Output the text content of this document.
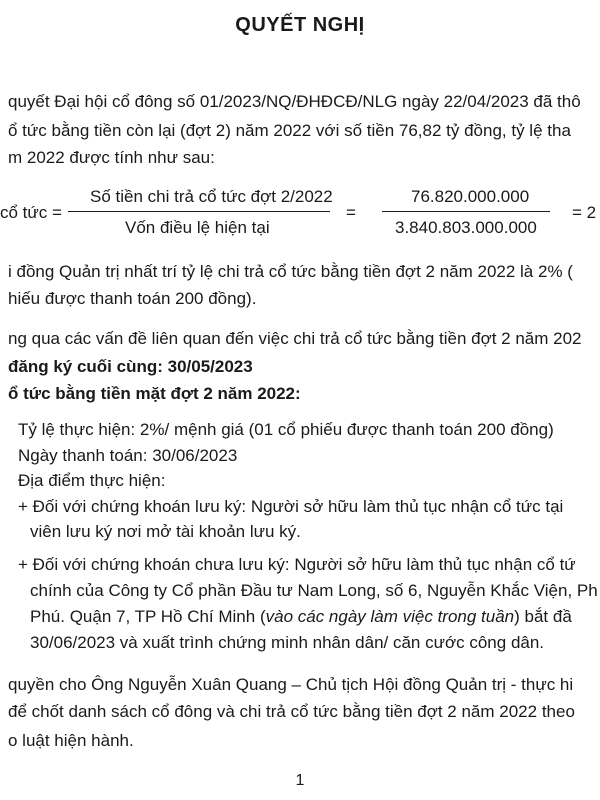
QUYẾT NGHỊ
quyết Đại hội cổ đông số 01/2023/NQ/ĐHĐCĐ/NLG ngày 22/04/2023 đã thô
ổ tức bằng tiền còn lại (đợt 2) năm 2022 với số tiền 76,82 tỷ đồng, tỷ lệ tha
m 2022 được tính như sau:
cổ tức =
Số tiền chi trả cổ tức đợt 2/2022
Vốn điều lệ hiện tại
=
76.820.000.000
3.840.803.000.000
= 2
i đồng Quản trị nhất trí tỷ lệ chi trả cổ tức bằng tiền đợt 2 năm 2022 là 2% (
hiếu được thanh toán 200 đồng).
ng qua các vấn đề liên quan đến việc chi trả cổ tức bằng tiền đợt 2 năm 202
đăng ký cuối cùng: 30/05/2023
ổ tức bằng tiền mặt đợt 2 năm 2022:
Tỷ lệ thực hiện: 2%/ mệnh giá (01 cổ phiếu được thanh toán 200 đồng)
Ngày thanh toán: 30/06/2023
Địa điểm thực hiện:
+ Đối với chứng khoán lưu ký: Người sở hữu làm thủ tục nhận cổ tức tại
viên lưu ký nơi mở tài khoản lưu ký.
+ Đối với chứng khoán chưa lưu ký: Người sở hữu làm thủ tục nhận cổ tứ
chính của Công ty Cổ phần Đầu tư Nam Long, số 6, Nguyễn Khắc Viện, Ph
Phú. Quận 7, TP Hồ Chí Minh (vào các ngày làm việc trong tuần) bắt đầ
30/06/2023 và xuất trình chứng minh nhân dân/ căn cước công dân.
quyền cho Ông Nguyễn Xuân Quang – Chủ tịch Hội đồng Quản trị - thực hi
để chốt danh sách cổ đông và chi trả cổ tức bằng tiền đợt 2 năm 2022 theo
o luật hiện hành.
1
